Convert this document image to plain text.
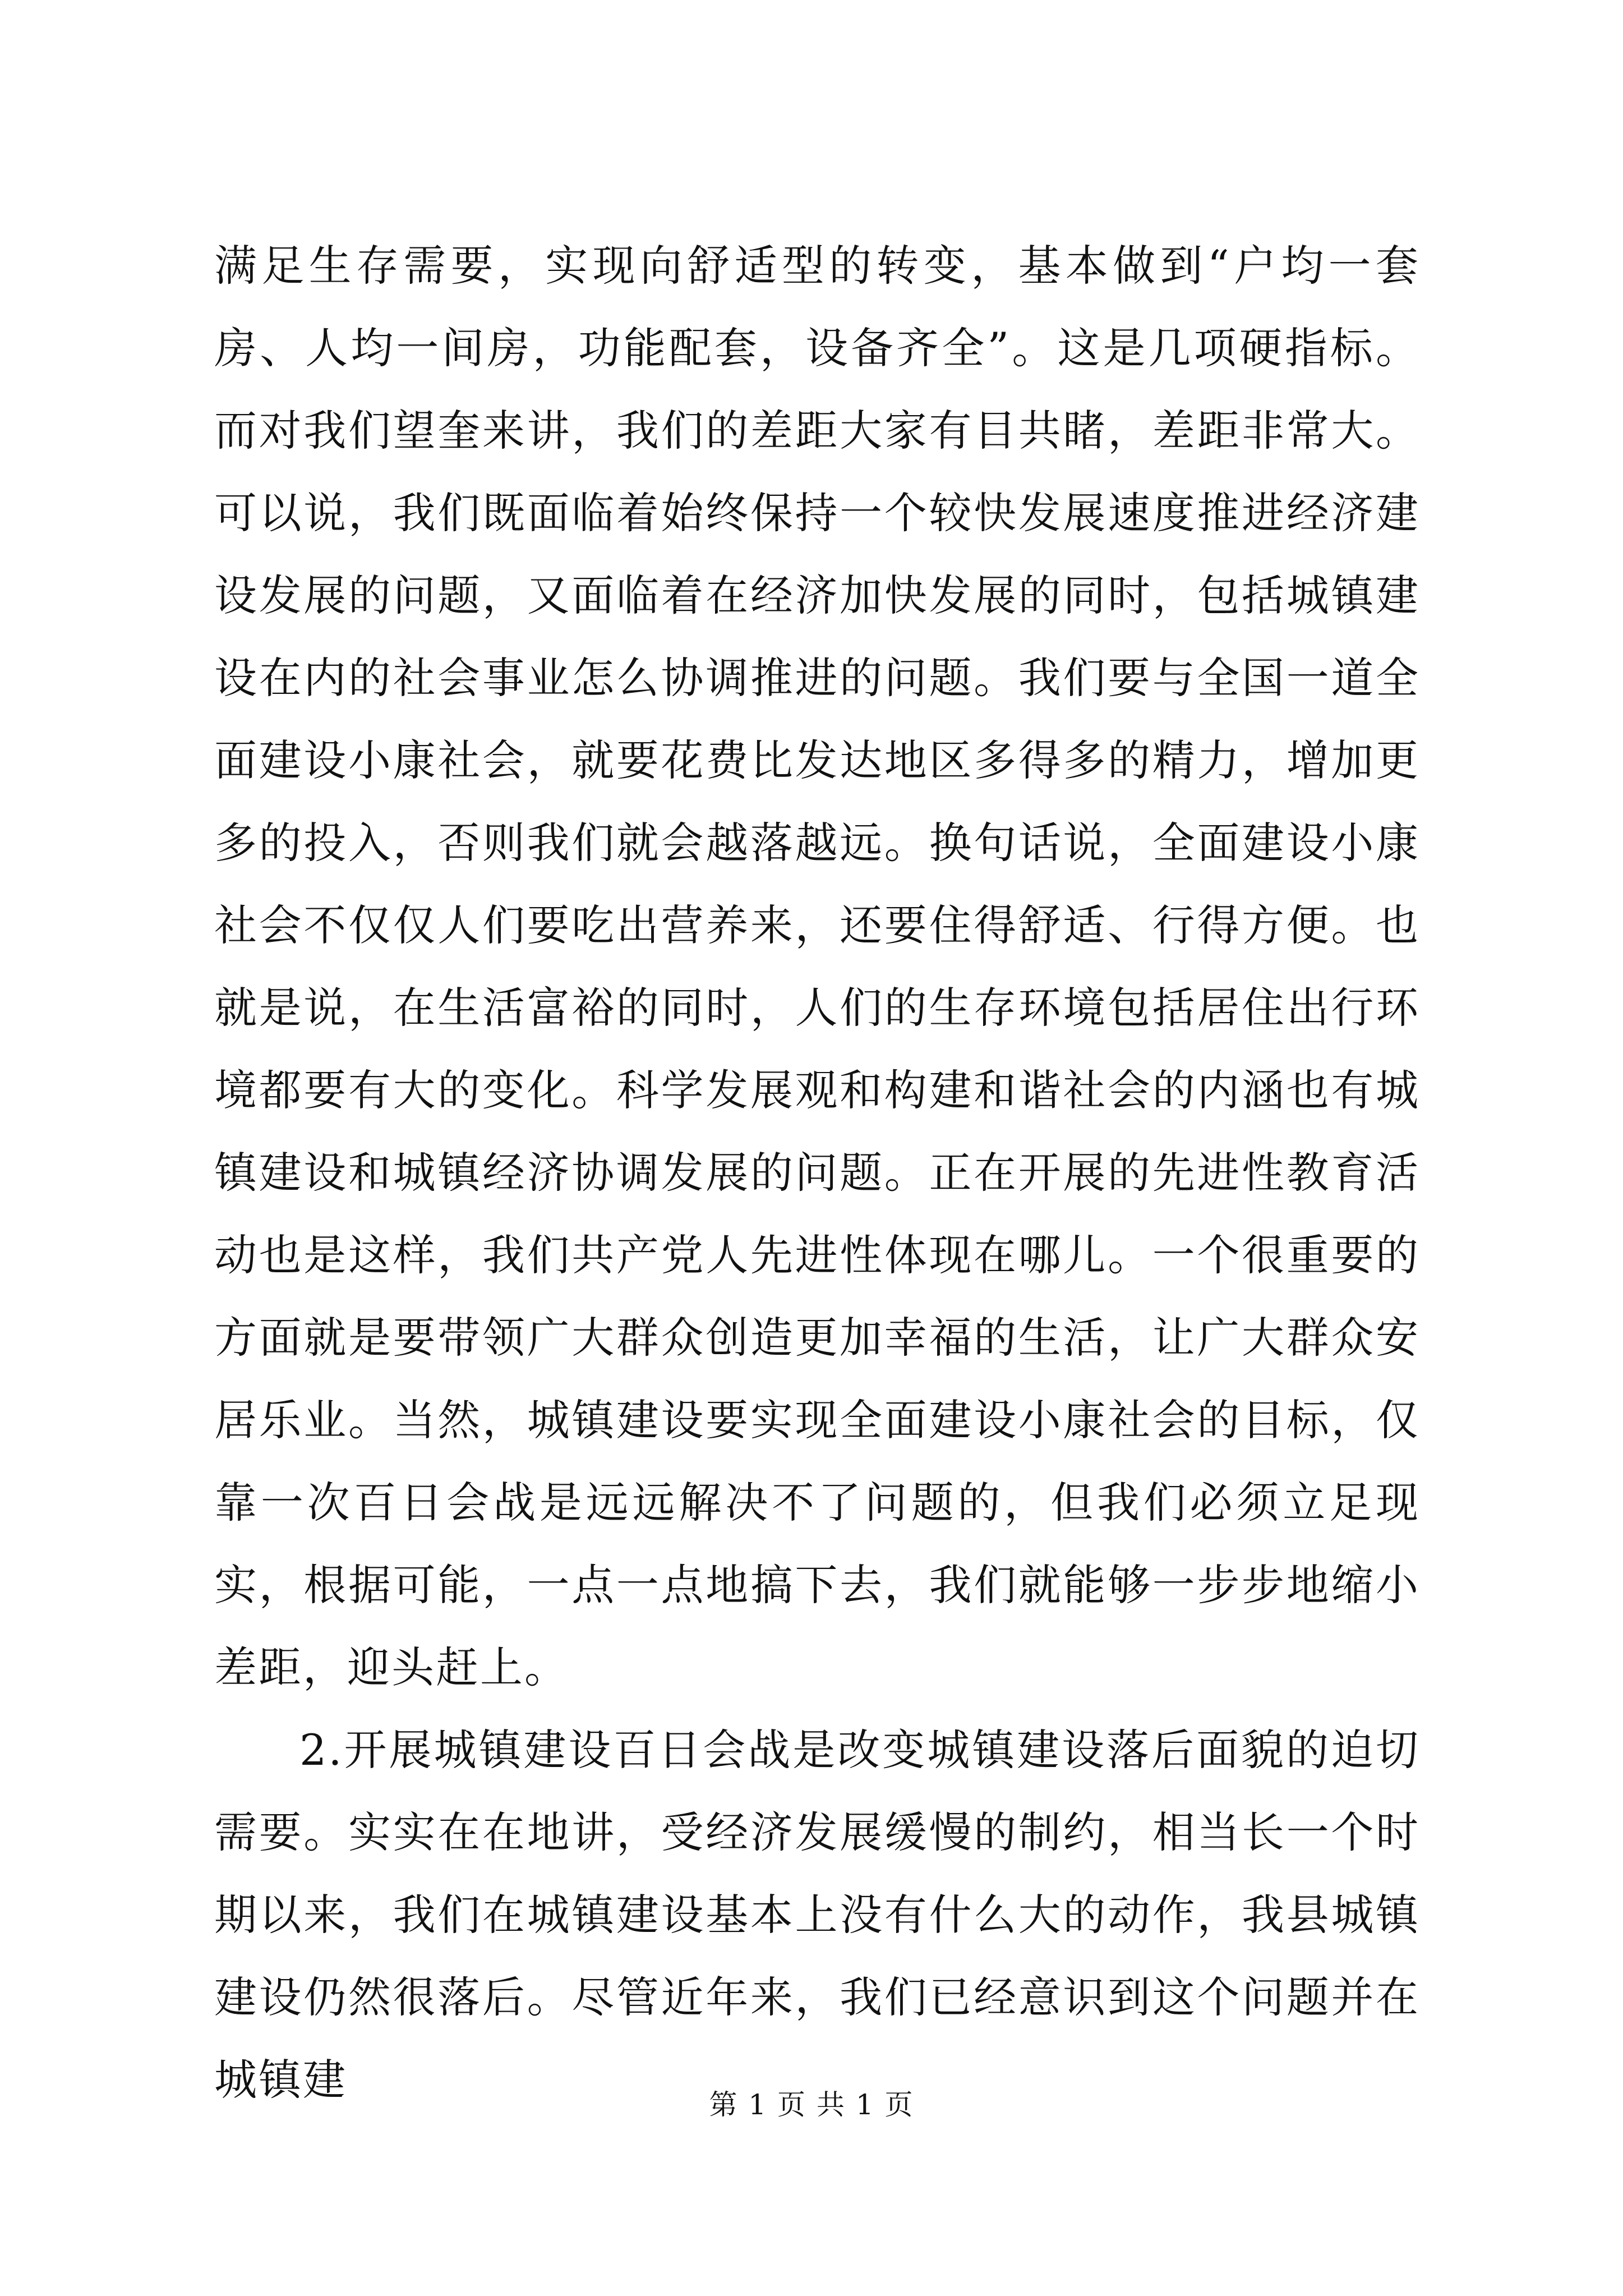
满足生存需要，实现向舒适型的转变，基本做到“户均一套房、人均一间房，功能配套，设备齐全”。这是几项硬指标。而对我们望奎来讲，我们的差距大家有目共睹，差距非常大。可以说，我们既面临着始终保持一个较快发展速度推进经济建设发展的问题，又面临着在经济加快发展的同时，包括城镇建设在内的社会事业怎么协调推进的问题。我们要与全国一道全面建设小康社会，就要花费比发达地区多得多的精力，增加更多的投入，否则我们就会越落越远。换句话说，全面建设小康社会不仅仅人们要吃出营养来，还要住得舒适、行得方便。也就是说，在生活富裕的同时，人们的生存环境包括居住出行环境都要有大的变化。科学发展观和构建和谐社会的内涵也有城镇建设和城镇经济协调发展的问题。正在开展的先进性教育活动也是这样，我们共产党人先进性体现在哪儿。一个很重要的方面就是要带领广大群众创造更加幸福的生活，让广大群众安居乐业。当然，城镇建设要实现全面建设小康社会的目标，仅靠一次百日会战是远远解决不了问题的，但我们必须立足现实，根据可能，一点一点地搞下去，我们就能够一步步地缩小差距，迎头赶上。

2.开展城镇建设百日会战是改变城镇建设落后面貌的迫切需要。实实在在地讲，受经济发展缓慢的制约，相当长一个时期以来，我们在城镇建设基本上没有什么大的动作，我县城镇建设仍然很落后。尽管近年来，我们已经意识到这个问题并在城镇建	第 1 页 共 1 页
